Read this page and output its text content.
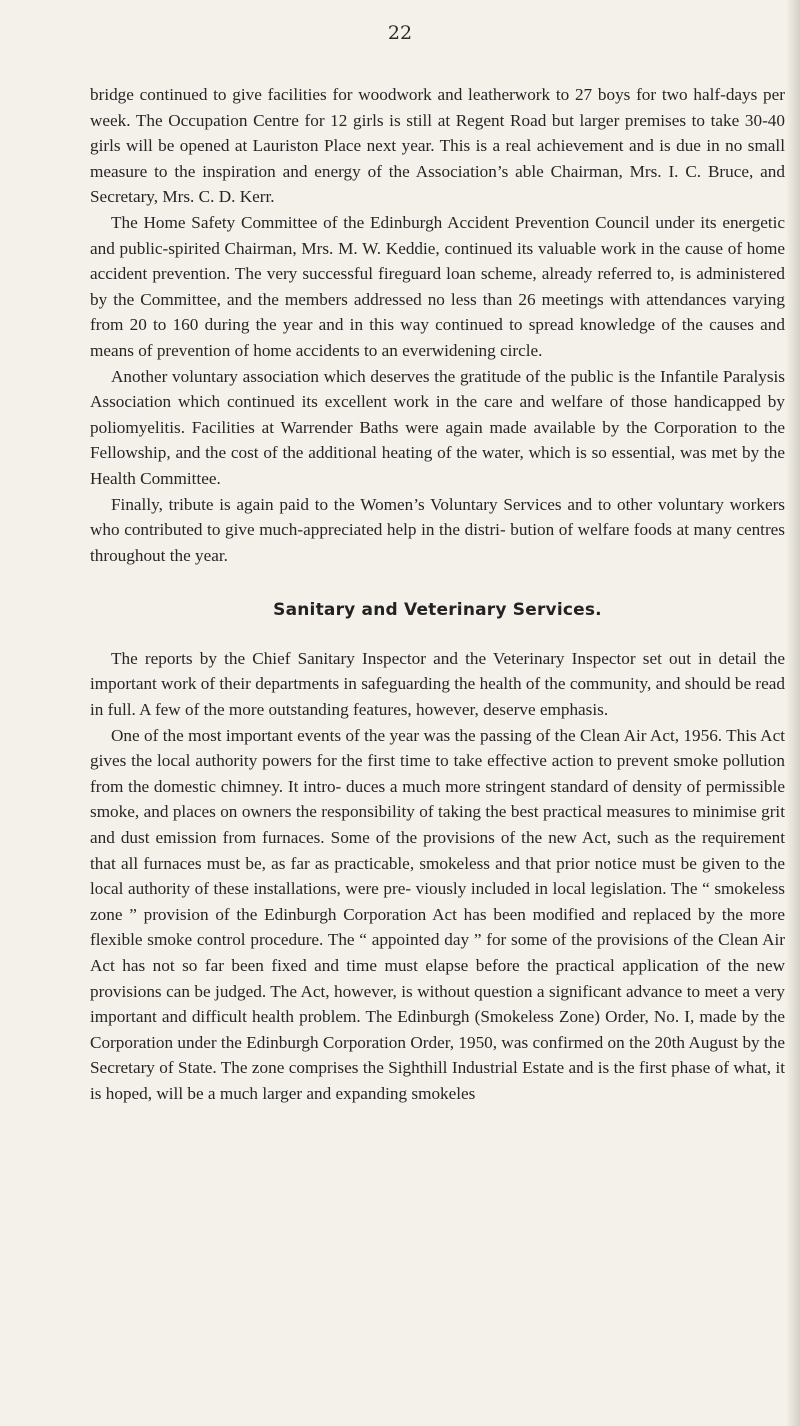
22

bridge continued to give facilities for woodwork and leatherwork to 27 boys for two half-days per week. The Occupation Centre for 12 girls is still at Regent Road but larger premises to take 30-40 girls will be opened at Lauriston Place next year. This is a real achievement and is due in no small measure to the inspiration and energy of the Association’s able Chairman, Mrs. I. C. Bruce, and Secretary, Mrs. C. D. Kerr.

The Home Safety Committee of the Edinburgh Accident Prevention Council under its energetic and public-spirited Chairman, Mrs. M. W. Keddie, continued its valuable work in the cause of home accident prevention. The very successful fireguard loan scheme, already referred to, is administered by the Committee, and the members addressed no less than 26 meetings with attendances varying from 20 to 160 during the year and in this way continued to spread knowledge of the causes and means of prevention of home accidents to an everwidening circle.

Another voluntary association which deserves the gratitude of the public is the Infantile Paralysis Association which continued its excellent work in the care and welfare of those handicapped by poliomyelitis. Facilities at Warrender Baths were again made available by the Corporation to the Fellowship, and the cost of the additional heating of the water, which is so essential, was met by the Health Committee.

Finally, tribute is again paid to the Women’s Voluntary Services and to other voluntary workers who contributed to give much-appreciated help in the distri- bution of welfare foods at many centres throughout the year.

Sanitary and Veterinary Services.

The reports by the Chief Sanitary Inspector and the Veterinary Inspector set out in detail the important work of their departments in safeguarding the health of the community, and should be read in full. A few of the more outstanding features, however, deserve emphasis.

One of the most important events of the year was the passing of the Clean Air Act, 1956. This Act gives the local authority powers for the first time to take effective action to prevent smoke pollution from the domestic chimney. It intro- duces a much more stringent standard of density of permissible smoke, and places on owners the responsibility of taking the best practical measures to minimise grit and dust emission from furnaces. Some of the provisions of the new Act, such as the requirement that all furnaces must be, as far as practicable, smokeless and that prior notice must be given to the local authority of these installations, were pre- viously included in local legislation. The “ smokeless zone ” provision of the Edinburgh Corporation Act has been modified and replaced by the more flexible smoke control procedure. The “ appointed day ” for some of the provisions of the Clean Air Act has not so far been fixed and time must elapse before the practical application of the new provisions can be judged. The Act, however, is without question a significant advance to meet a very important and difficult health problem. The Edinburgh (Smokeless Zone) Order, No. I, made by the Corporation under the Edinburgh Corporation Order, 1950, was confirmed on the 20th August by the Secretary of State. The zone comprises the Sighthill Industrial Estate and is the first phase of what, it is hoped, will be a much larger and expanding smokeles
